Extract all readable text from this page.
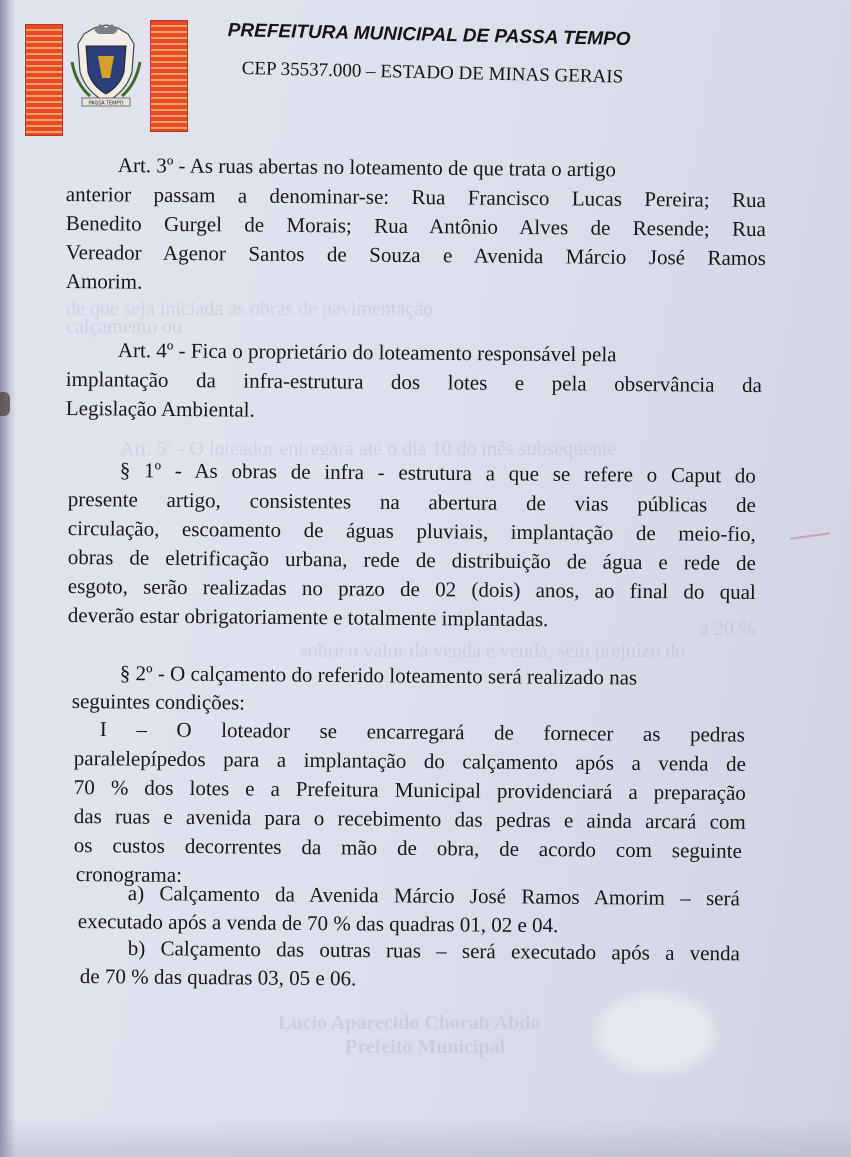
de que seja iniciada as obras de pavimentação
calçamento ou
Art. 5º - O loteador entregará até o dia 10 do mês subsequente
a 20 %
sobre o valor da venda e venda, sem prejuízo do
Lucio Aparecido Chorab Abdo
Prefeito Municipal
PASSA TEMPO
PREFEITURA MUNICIPAL DE PASSA TEMPO
CEP 35537.000 – ESTADO DE MINAS GERAIS
Art. 3º - As ruas abertas no loteamento de que trata o artigo
anterior passam a denominar-se: Rua Francisco Lucas Pereira; Rua
Benedito Gurgel de Morais; Rua Antônio Alves de Resende; Rua
Vereador Agenor Santos de Souza e Avenida Márcio José Ramos
Amorim.
Art. 4º - Fica o proprietário do loteamento responsável pela
implantação da infra-estrutura dos lotes e pela observância da
Legislação Ambiental.
§ 1º - As obras de infra - estrutura a que se refere o Caput do
presente artigo, consistentes na abertura de vias públicas de
circulação, escoamento de águas pluviais, implantação de meio-fio,
obras de eletrificação urbana, rede de distribuição de água e rede de
esgoto, serão realizadas no prazo de 02 (dois) anos, ao final do qual
deverão estar obrigatoriamente e totalmente implantadas.
§ 2º - O calçamento do referido loteamento será realizado nas
seguintes condições:
I – O loteador se encarregará de fornecer as pedras
paralelepípedos para a implantação do calçamento após a venda de
70 % dos lotes e a Prefeitura Municipal providenciará a preparação
das ruas e avenida para o recebimento das pedras e ainda arcará com
os custos decorrentes da mão de obra, de acordo com seguinte
cronograma:
a) Calçamento da Avenida Márcio José Ramos Amorim – será
executado após a venda de 70 % das quadras 01, 02 e 04.
b) Calçamento das outras ruas – será executado após a venda
de 70 % das quadras 03, 05 e 06.
